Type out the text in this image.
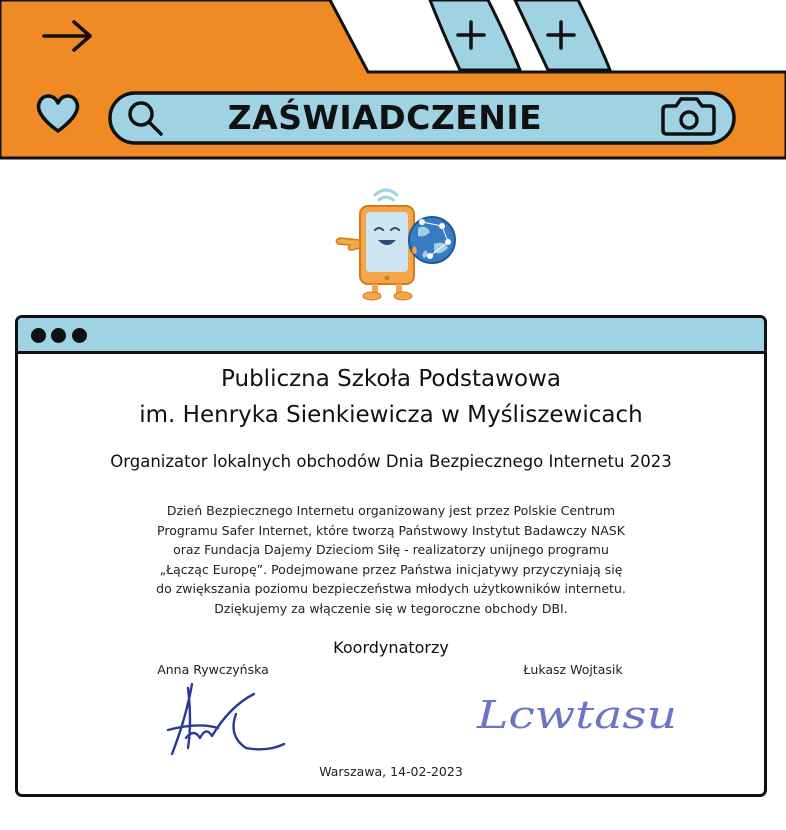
ZAŚWIADCZENIE
Publiczna Szkoła Podstawowa
im. Henryka Sienkiewicza w Myśliszewicach
Organizator lokalnych obchodów Dnia Bezpiecznego Internetu 2023
Dzień Bezpiecznego Internetu organizowany jest przez Polskie Centrum
Programu Safer Internet, które tworzą Państwowy Instytut Badawczy NASK
oraz Fundacja Dajemy Dzieciom Siłę - realizatorzy unijnego programu
„Łącząc Europę”. Podejmowane przez Państwa inicjatywy przyczyniają się
do zwiększania poziomu bezpieczeństwa młodych użytkowników internetu.
Dziękujemy za włączenie się w tegoroczne obchody DBI.
Koordynatorzy
Anna Rywczyńska	Łukasz Wojtasik
Lcwtasu
Warszawa, 14-02-2023
